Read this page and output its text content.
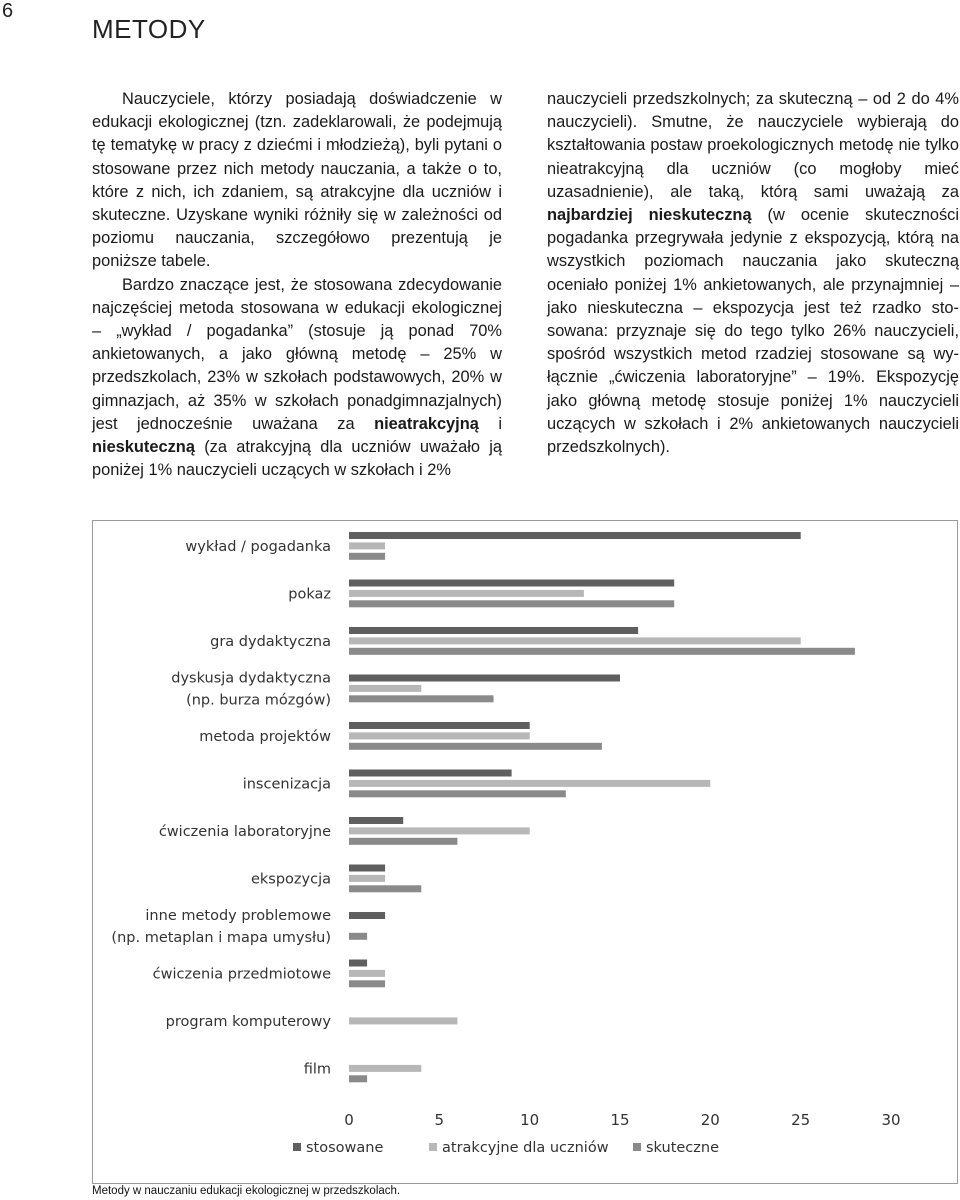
6
METODY

Nauczyciele, którzy posiadają doświadczenie w edukacji ekologicznej (tzn. zadeklarowali, że podejmują tę tematykę w pracy z dziećmi i młodzieżą), byli pytani o stosowane przez nich metody nauczania, a także o to, które z nich, ich zdaniem, są atrakcyjne dla uczniów i skuteczne. Uzyskane wyniki różniły się w zależności od poziomu nauczania, szczegółowo prezentują je poniższe tabele.

Bardzo znaczące jest, że stosowana zdecydowanie najczęściej metoda stosowana w edukacji ekologicznej – „wykład / pogadanka” (stosuje ją ponad 70% ankietowanych, a jako główną metodę – 25% w przedszkolach, 23% w szkołach podstawowych, 20% w gimnazjach, aż 35% w szkołach ponadgimnazjalnych) jest jednocześnie uważana za nieatrakcyjną i nieskuteczną (za atrakcyjną dla uczniów uważało ją poniżej 1% nauczycieli uczących w szkołach i 2%

nauczycieli przedszkolnych; za skuteczną – od 2 do 4% nauczycieli). Smutne, że nauczyciele wybierają do kształtowania postaw proekologicznych metodę nie tylko nieatrakcyjną dla uczniów (co mogłoby mieć uzasadnienie), ale taką, którą sami uważają za najbardziej nieskuteczną (w ocenie skuteczności pogadanka przegrywała jedynie z ekspozycją, którą na wszystkich poziomach nauczania jako skuteczną oceniało poniżej 1% ankietowanych, ale przynajmniej – jako nieskuteczna – ekspozycja jest też rzadko stosowana: przyznaje się do tego tylko 26% nauczycieli, spośród wszystkich metod rzadziej stosowane są wyłącznie „ćwiczenia laboratoryjne” – 19%. Ekspozycję jako główną metodę stosuje poniżej 1% nauczycieli uczących w szkołach i 2% ankietowanych nauczycieli przedszkolnych).

wykład / pogadanka
pokaz
gra dydaktyczna
dyskusja dydaktyczna
(np. burza mózgów)
metoda projektów
inscenizacja
ćwiczenia laboratoryjne
ekspozycja
inne metody problemowe
(np. metaplan i mapa umysłu)
ćwiczenia przedmiotowe
program komputerowy
film
0	5	10	15	20	25	30
stosowane	atrakcyjne dla uczniów	skuteczne
Metody w nauczaniu edukacji ekologicznej w przedszkolach.
